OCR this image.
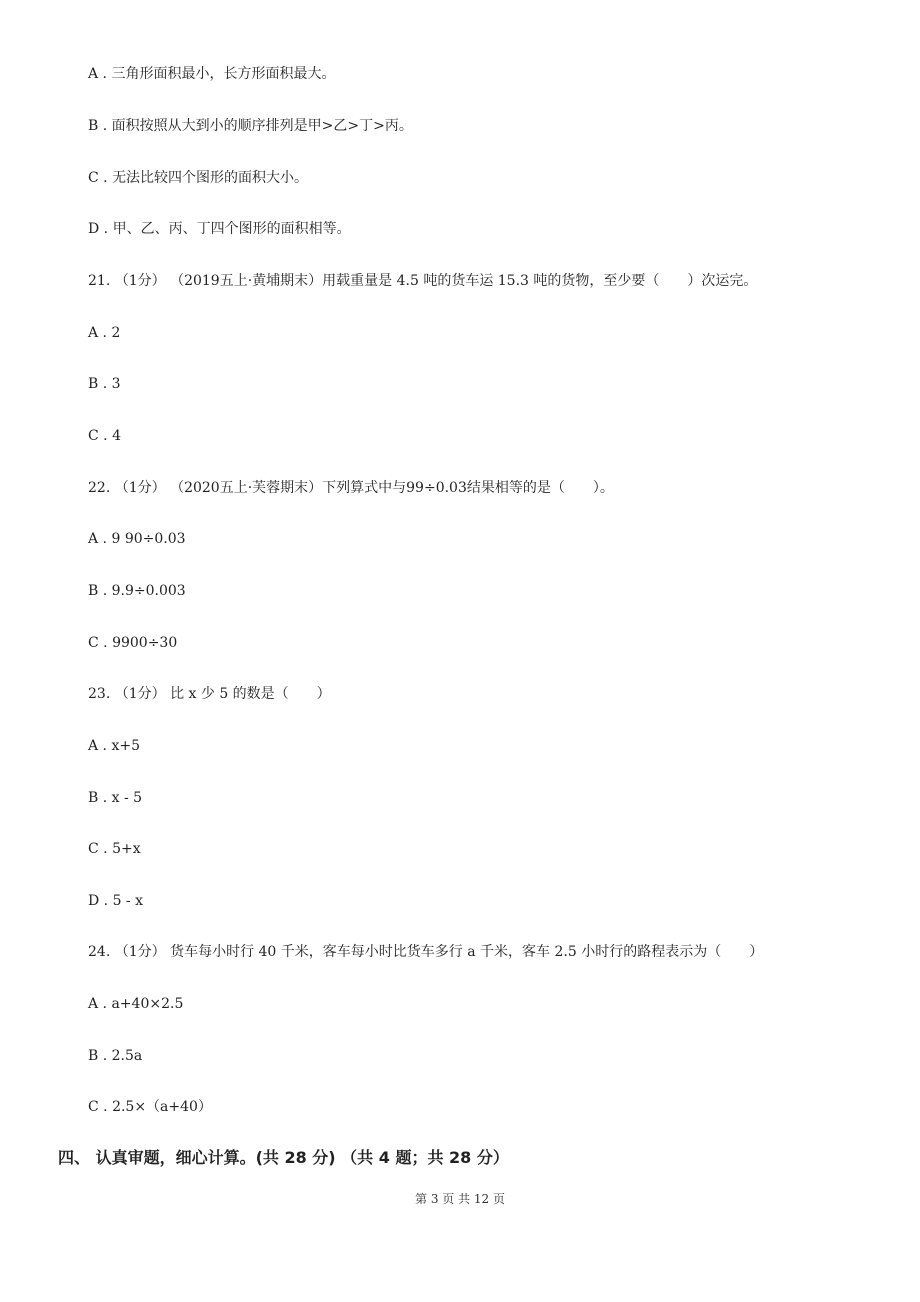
A . 三角形面积最小，长方形面积最大。
B . 面积按照从大到小的顺序排列是甲>乙>丁>丙。
C . 无法比较四个图形的面积大小。
D . 甲、乙、丙、丁四个图形的面积相等。
21. （1分） （2019五上·黄埔期末）用载重量是 4.5 吨的货车运 15.3 吨的货物，至少要（　　）次运完。
A . 2
B . 3
C . 4
22. （1分） （2020五上·芙蓉期末）下列算式中与99÷0.03结果相等的是（　　）。
A . 9 90÷0.03
B . 9.9÷0.003
C . 9900÷30
23. （1分） 比 x 少 5 的数是（　　）
A . x+5
B . x - 5
C . 5+x
D . 5 - x
24. （1分） 货车每小时行 40 千米，客车每小时比货车多行 a 千米，客车 2.5 小时行的路程表示为（　　）
A . a+40×2.5
B . 2.5a
C . 2.5×（a+40）
四、 认真审题，细心计算。(共 28 分) （共 4 题；共 28 分）
第 3 页 共 12 页
